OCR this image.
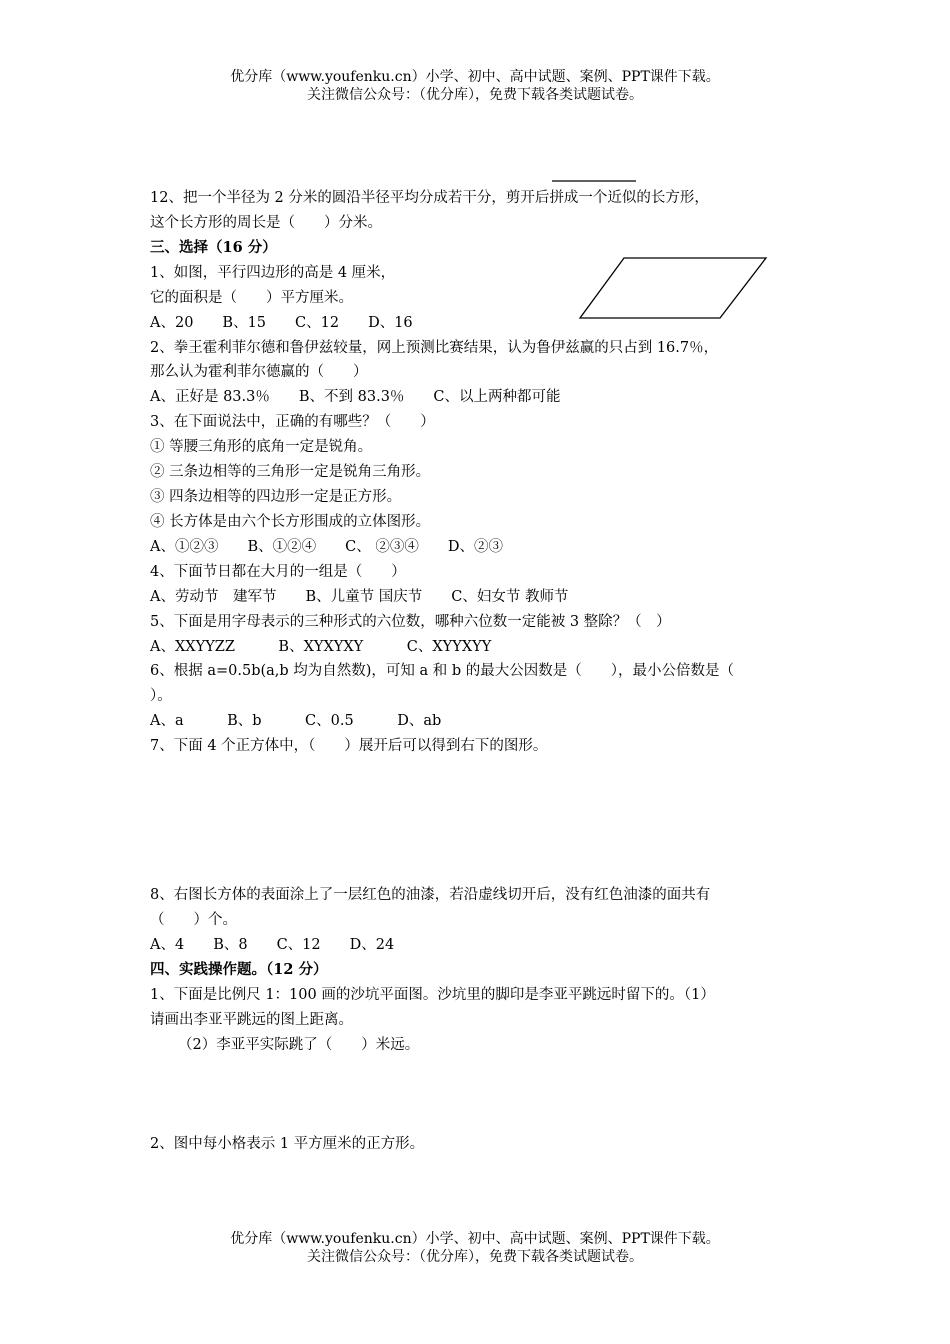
优分库（www.youfenku.cn）小学、初中、高中试题、案例、PPT课件下载。
关注微信公众号：（优分库），免费下载各类试题试卷。
12、把一个半径为 2 分米的圆沿半径平均分成若干分，剪开后拼成一个近似的长方形，
这个长方形的周长是（　　）分米。
三、选择（16 分）
1、如图，平行四边形的高是 4 厘米，
它的面积是（　　）平方厘米。
A、20　　B、15　　C、12　　D、16
2、拳王霍利菲尔德和鲁伊兹较量，网上预测比赛结果，认为鲁伊兹赢的只占到 16.7％，
那么认为霍利菲尔德赢的（　　）
A、正好是 83.3％　　B、不到 83.3％　　C、以上两种都可能
3、在下面说法中，正确的有哪些？（　　）
① 等腰三角形的底角一定是锐角。
② 三条边相等的三角形一定是锐角三角形。
③ 四条边相等的四边形一定是正方形。
④ 长方体是由六个长方形围成的立体图形。
A、①②③　　B、①②④　　C、 ②③④　　D、②③
4、下面节日都在大月的一组是（　　）
A、劳动节　建军节　　B、儿童节 国庆节　　C、妇女节 教师节
5、下面是用字母表示的三种形式的六位数，哪种六位数一定能被 3 整除？（　）
A、XXYYZZ　　　B、XYXYXY　　　C、XYYXYY
6、根据 a=0.5b(a,b 均为自然数)，可知 a 和 b 的最大公因数是（　　），最小公倍数是（
）。
A、a　　　B、b　　　C、0.5　　　D、ab
7、下面 4 个正方体中，（　　）展开后可以得到右下的图形。
8、右图长方体的表面涂上了一层红色的油漆，若沿虚线切开后，没有红色油漆的面共有
（　　）个。
A、4　　B、8　　C、12　　D、24
四、实践操作题。（12 分）
1、下面是比例尺 1：100 画的沙坑平面图。沙坑里的脚印是李亚平跳远时留下的。（1）
请画出李亚平跳远的图上距离。
（2）李亚平实际跳了（　　）米远。
2、图中每小格表示 1 平方厘米的正方形。
优分库（www.youfenku.cn）小学、初中、高中试题、案例、PPT课件下载。
关注微信公众号：（优分库），免费下载各类试题试卷。
